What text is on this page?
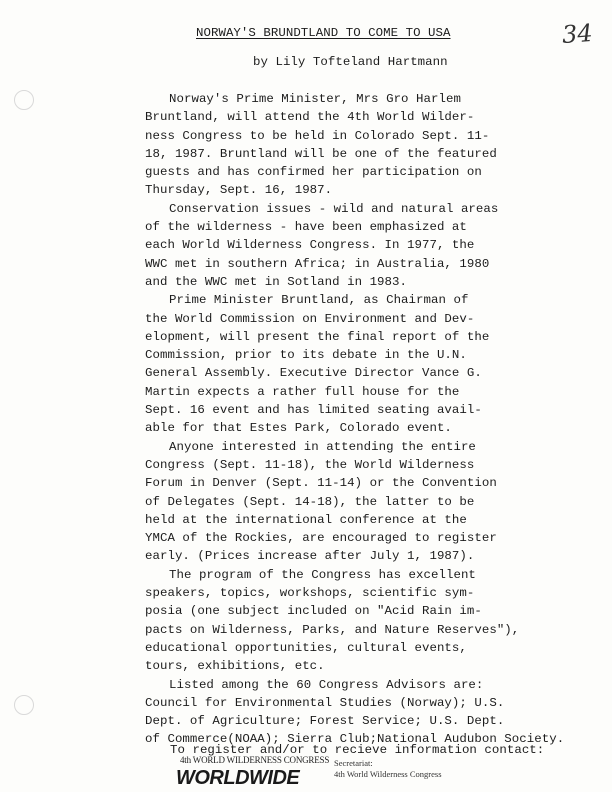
NORWAY'S BRUNDTLAND TO COME TO USA	34
by Lily Tofteland Hartmann
Norway's Prime Minister, Mrs Gro Harlem
Bruntland, will attend the 4th World Wilder-
ness Congress to be held in Colorado Sept. 11-
18, 1987. Bruntland will be one of the featured
guests and has confirmed her participation on
Thursday, Sept. 16, 1987.
Conservation issues - wild and natural areas
of the wilderness - have been emphasized at
each World Wilderness Congress. In 1977, the
WWC met in southern Africa; in Australia, 1980
and the WWC met in Sotland in 1983.
Prime Minister Bruntland, as Chairman of
the World Commission on Environment and Dev-
elopment, will present the final report of the
Commission, prior to its debate in the U.N.
General Assembly. Executive Director Vance G.
Martin expects a rather full house for the
Sept. 16 event and has limited seating avail-
able for that Estes Park, Colorado event.
Anyone interested in attending the entire
Congress (Sept. 11-18), the World Wilderness
Forum in Denver (Sept. 11-14) or the Convention
of Delegates (Sept. 14-18), the latter to be
held at the international conference at the
YMCA of the Rockies, are encouraged to register
early. (Prices increase after July 1, 1987).
The program of the Congress has excellent
speakers, topics, workshops, scientific sym-
posia (one subject included on "Acid Rain im-
pacts on Wilderness, Parks, and Nature Reserves"),
educational opportunities, cultural events,
tours, exhibitions, etc.
Listed among the 60 Congress Advisors are:
Council for Environmental Studies (Norway); U.S.
Dept. of Agriculture; Forest Service; U.S. Dept.
of Commerce(NOAA); Sierra Club;National Audubon Society.
To register and/or to recieve information contact:
4th WORLD WILDERNESS CONGRESS
WORLDWIDE
Secretariat:
4th World Wilderness Congress
